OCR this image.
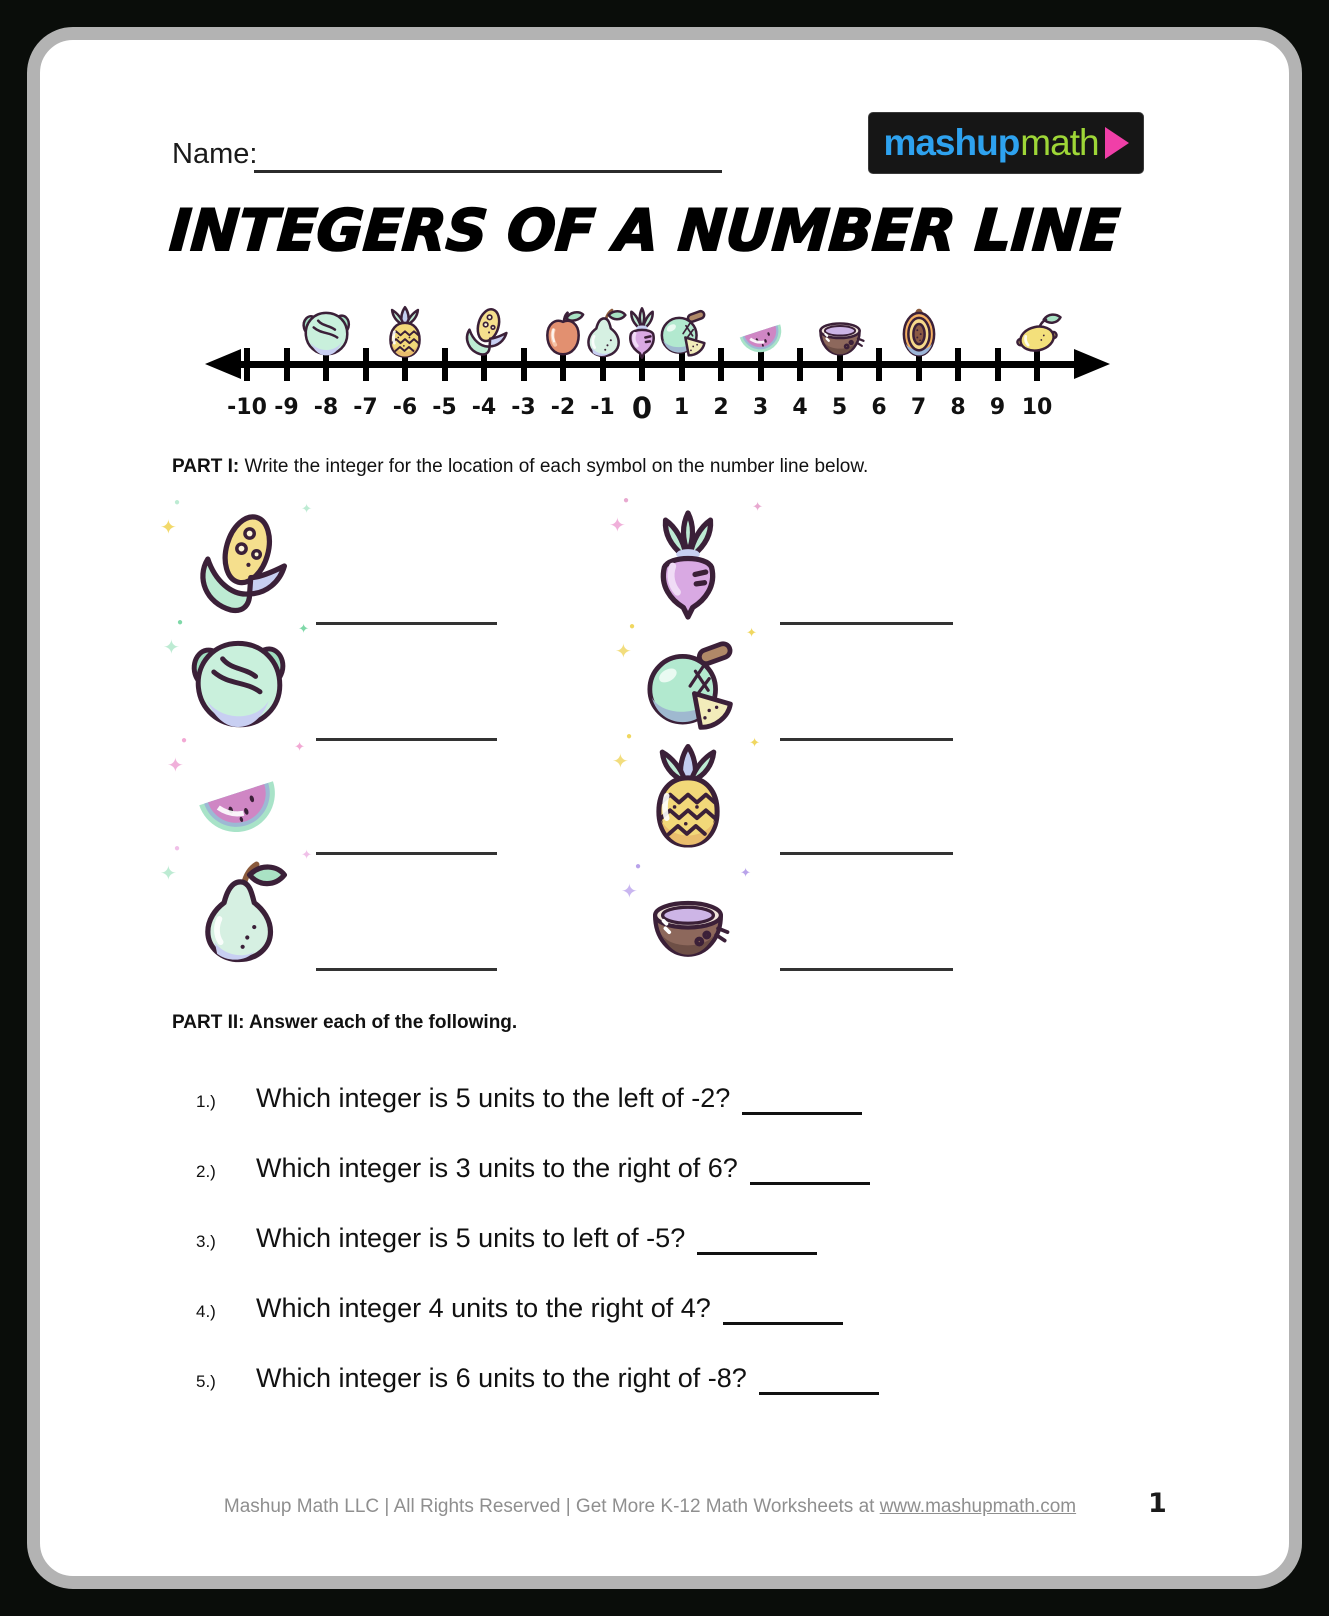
Name:	mashup math
INTEGERS OF A NUMBER LINE
-10 -9 -8 -7 -6 -5 -4 -3 -2 -1 0 1	2	3	4	5	6	7	8	9 10
PART I: Write the integer for the location of each symbol on the number line below.
✦
✦
●
✦
✦
●
✦
✦
●
✦
✦
●
✦
✦
●
✦
✦
●
✦
✦
●
✦
✦
●
PART II: Answer each of the following.
1.)	Which integer is 5 units to the left of -2?

2.)	Which integer is 3 units to the right of 6?

3.)	Which integer is 5 units to left of -5?

4.)	Which integer 4 units to the right of 4?

5.)	Which integer is 6 units to the right of -8?

Mashup Math LLC | All Rights Reserved | Get More K-12 Math Worksheets at www.mashupmath.com	1
